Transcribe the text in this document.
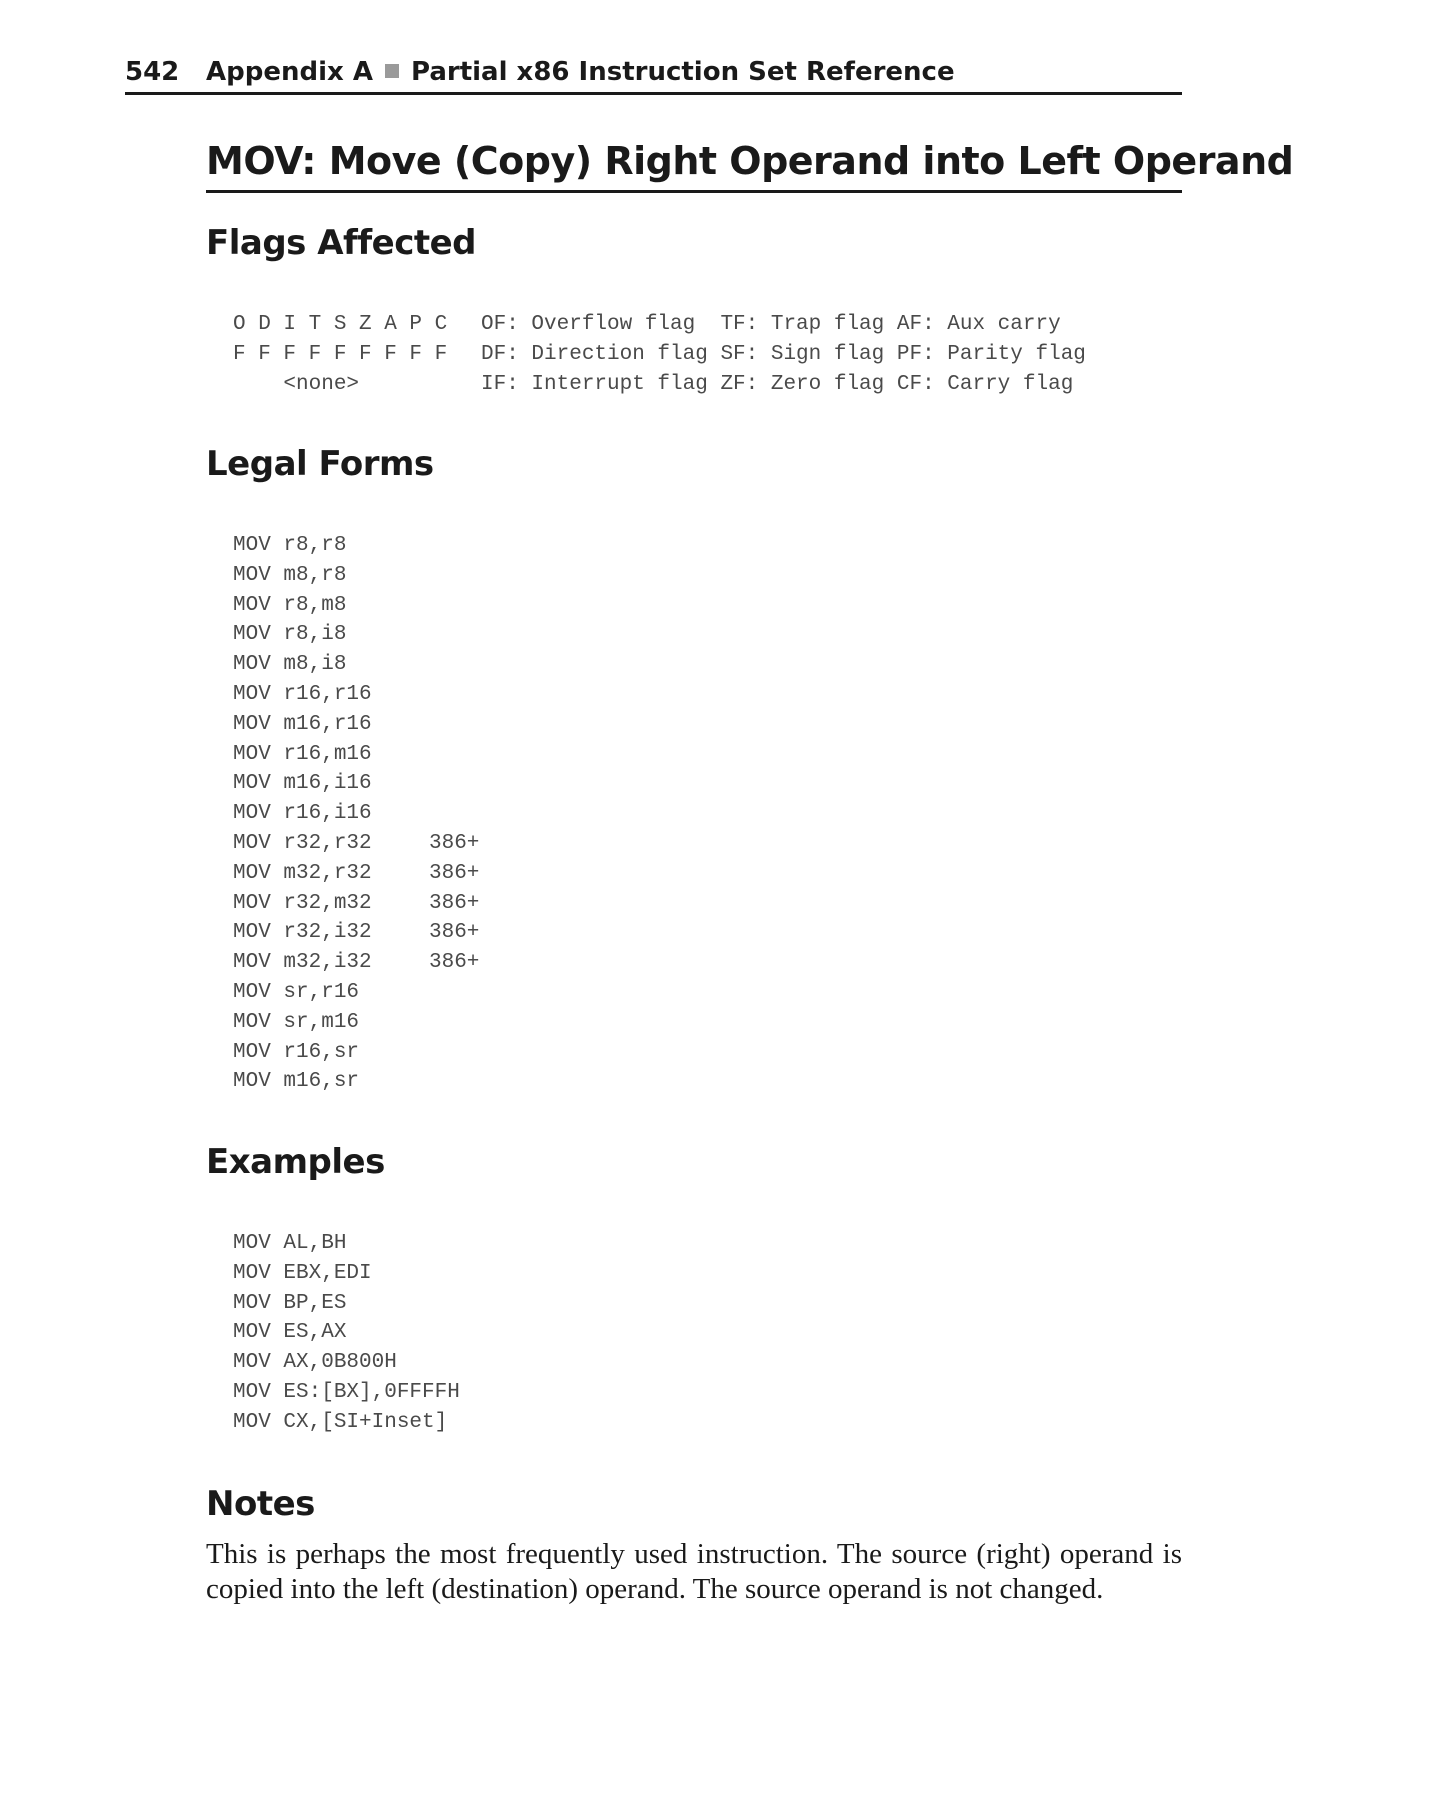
542 Appendix A Partial x86 Instruction Set Reference
MOV: Move (Copy) Right Operand into Left Operand
Flags Affected
O D I T S Z A P C	OF: Overflow flag  TF: Trap flag AF: Aux carry
F F F F F F F F F	DF: Direction flag SF: Sign flag PF: Parity flag
<none>	IF: Interrupt flag ZF: Zero flag CF: Carry flag
Legal Forms
MOV r8,r8
MOV m8,r8
MOV r8,m8
MOV r8,i8
MOV m8,i8
MOV r16,r16
MOV m16,r16
MOV r16,m16
MOV m16,i16
MOV r16,i16
MOV r32,r32	386+
MOV m32,r32	386+
MOV r32,m32	386+
MOV r32,i32	386+
MOV m32,i32	386+
MOV sr,r16
MOV sr,m16
MOV r16,sr
MOV m16,sr
Examples
MOV AL,BH
MOV EBX,EDI
MOV BP,ES
MOV ES,AX
MOV AX,0B800H
MOV ES:[BX],0FFFFH
MOV CX,[SI+Inset]
Notes
This is perhaps the most frequently used instruction. The source (right) operand is copied into the left (destination) operand. The source operand is not changed.
